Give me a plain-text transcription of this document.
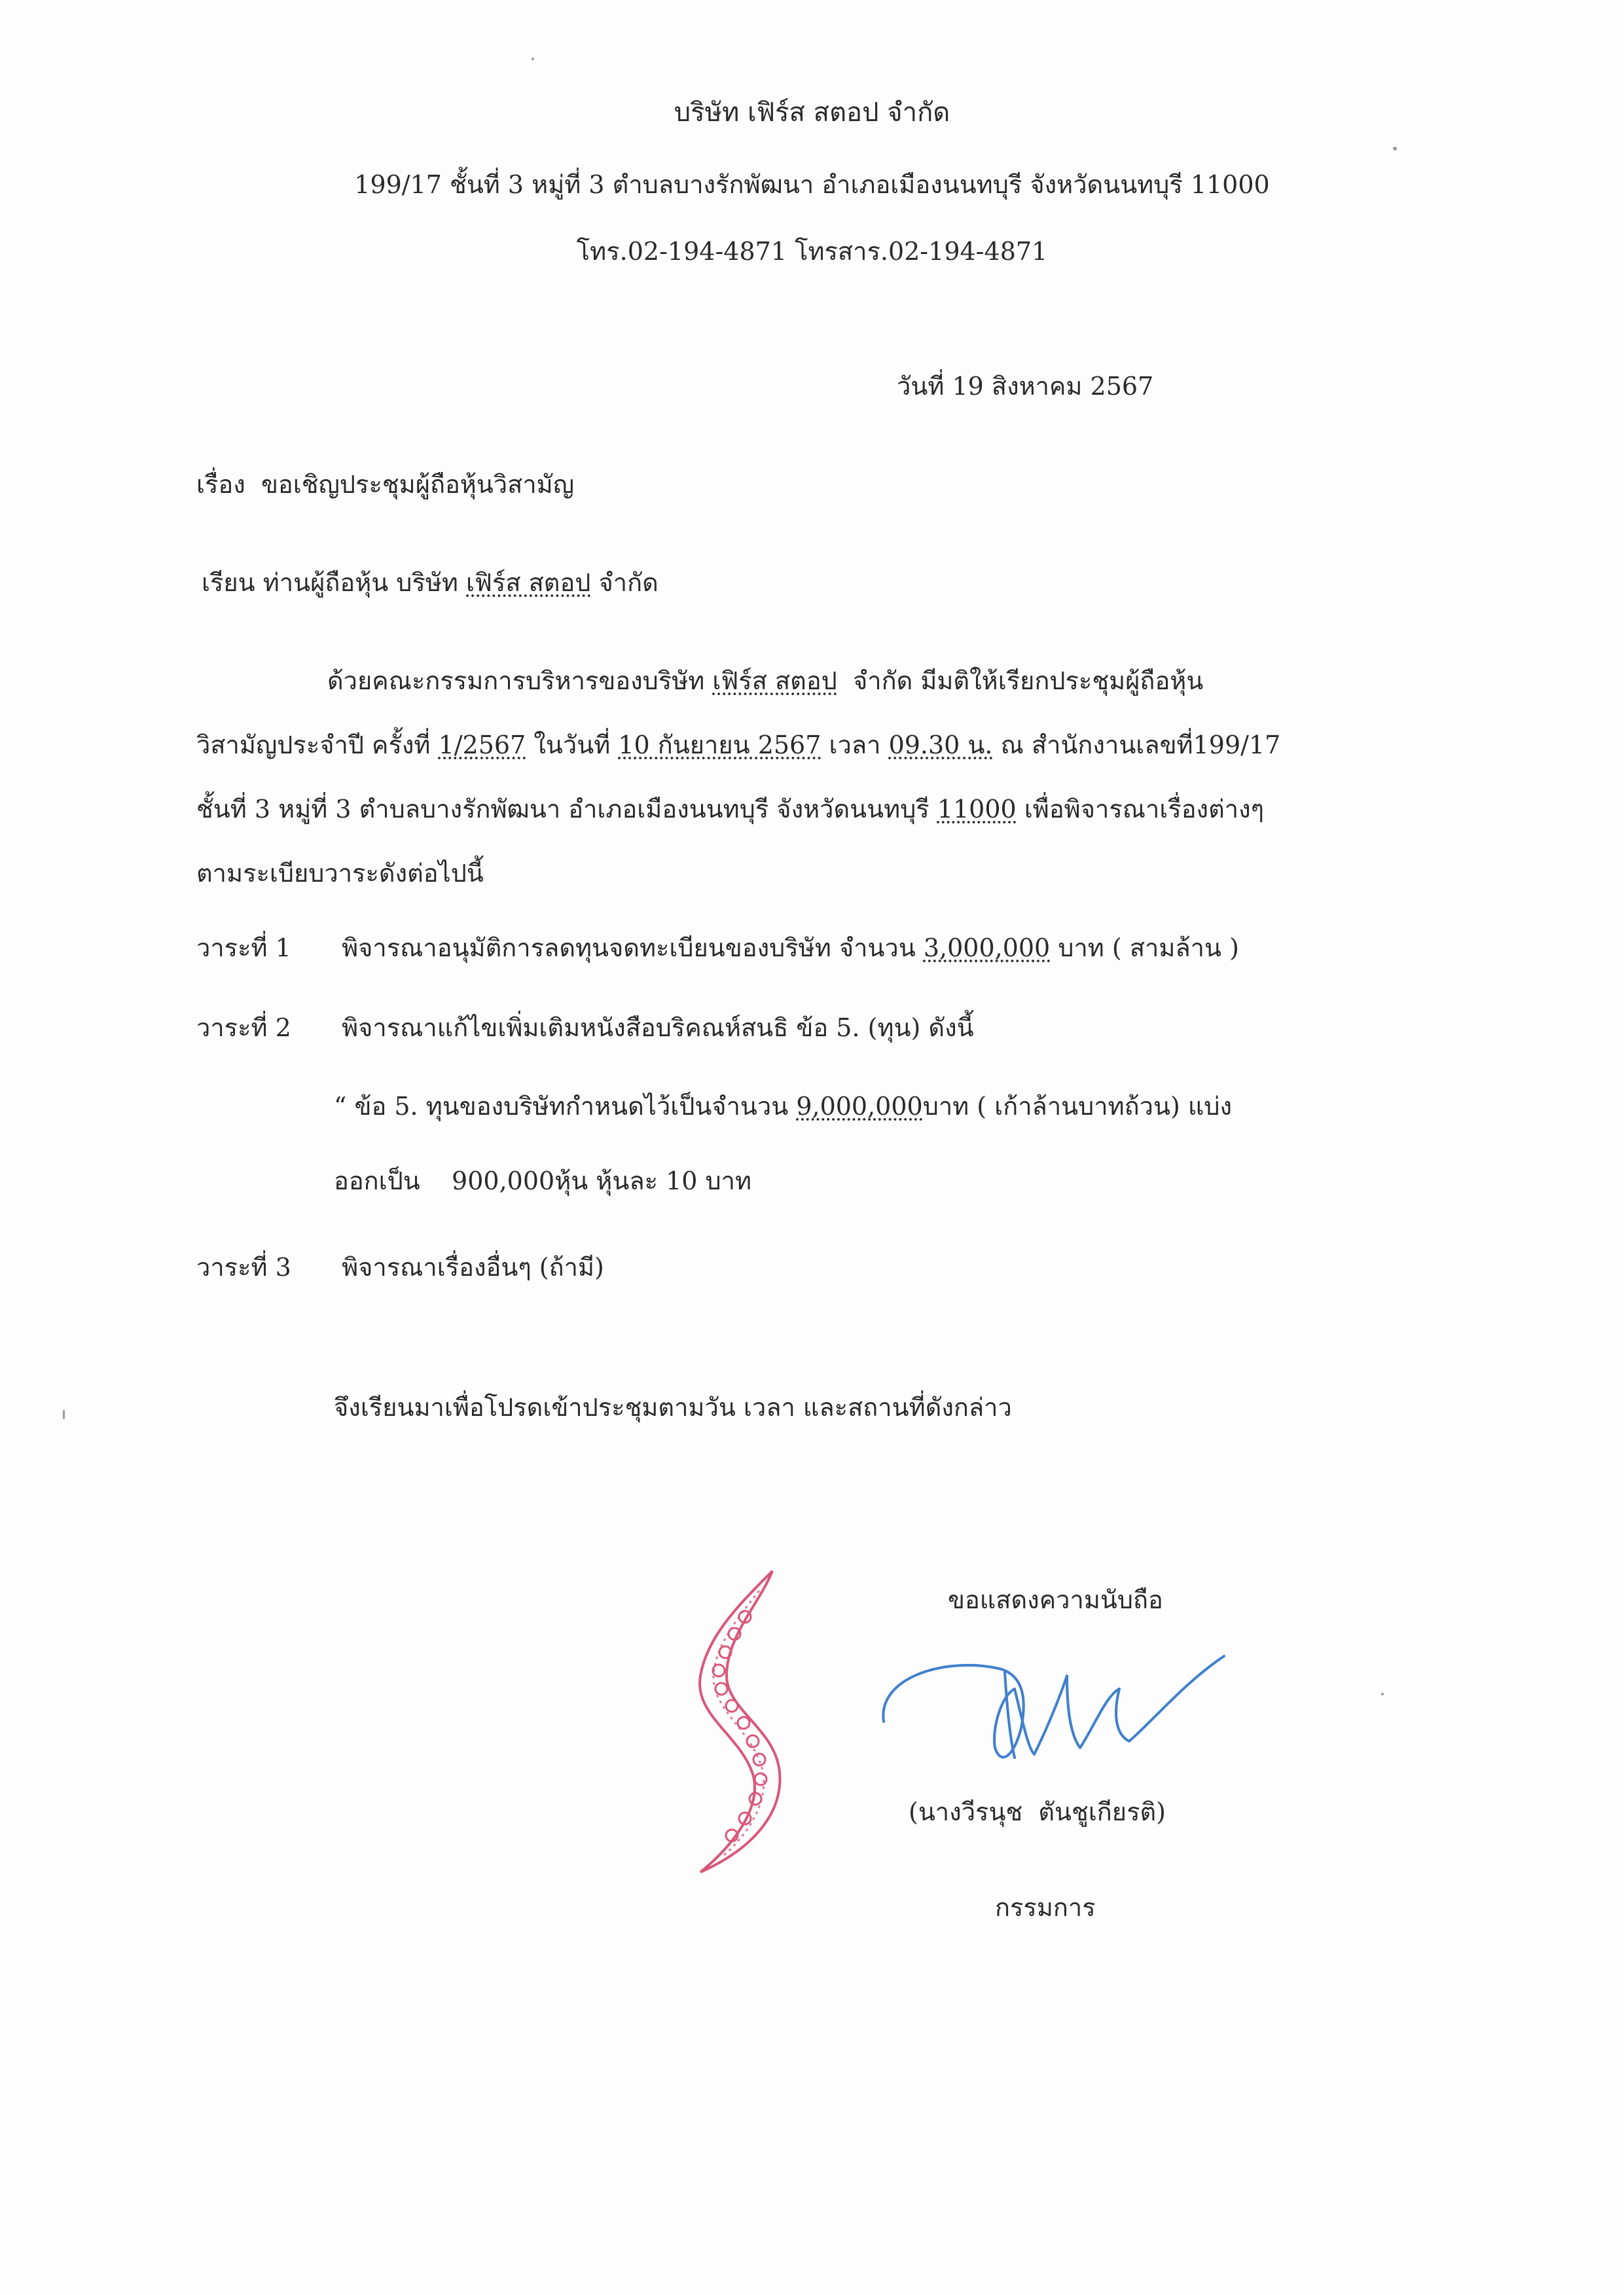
บริษัท เฟิร์ส สตอป จำกัด
199/17 ชั้นที่ 3 หมู่ที่ 3 ตำบลบางรักพัฒนา อำเภอเมืองนนทบุรี จังหวัดนนทบุรี 11000
โทร.02-194-4871 โทรสาร.02-194-4871
วันที่ 19 สิงหาคม 2567
เรื่อง ขอเชิญประชุมผู้ถือหุ้นวิสามัญ
เรียน ท่านผู้ถือหุ้น บริษัท เฟิร์ส สตอป จำกัด
ด้วยคณะกรรมการบริหารของบริษัท เฟิร์ส สตอป จำกัด มีมติให้เรียกประชุมผู้ถือหุ้น
วิสามัญประจำปี ครั้งที่ 1/2567 ในวันที่ 10 กันยายน 2567 เวลา 09.30 น. ณ สำนักงานเลขที่199/17
ชั้นที่ 3 หมู่ที่ 3 ตำบลบางรักพัฒนา อำเภอเมืองนนทบุรี จังหวัดนนทบุรี 11000 เพื่อพิจารณาเรื่องต่างๆ
ตามระเบียบวาระดังต่อไปนี้
วาระที่ 1 พิจารณาอนุมัติการลดทุนจดทะเบียนของบริษัท จำนวน 3,000,000 บาท ( สามล้าน )
วาระที่ 2 พิจารณาแก้ไขเพิ่มเติมหนังสือบริคณห์สนธิ ข้อ 5. (ทุน) ดังนี้
“ ข้อ 5. ทุนของบริษัทกำหนดไว้เป็นจำนวน 9,000,000บาท ( เก้าล้านบาทถ้วน) แบ่ง
ออกเป็น    900,000หุ้น หุ้นละ 10 บาท
วาระที่ 3 พิจารณาเรื่องอื่นๆ (ถ้ามี)
จึงเรียนมาเพื่อโปรดเข้าประชุมตามวัน เวลา และสถานที่ดังกล่าว
ขอแสดงความนับถือ
(นางวีรนุช  ตันชูเกียรติ)
กรรมการ
